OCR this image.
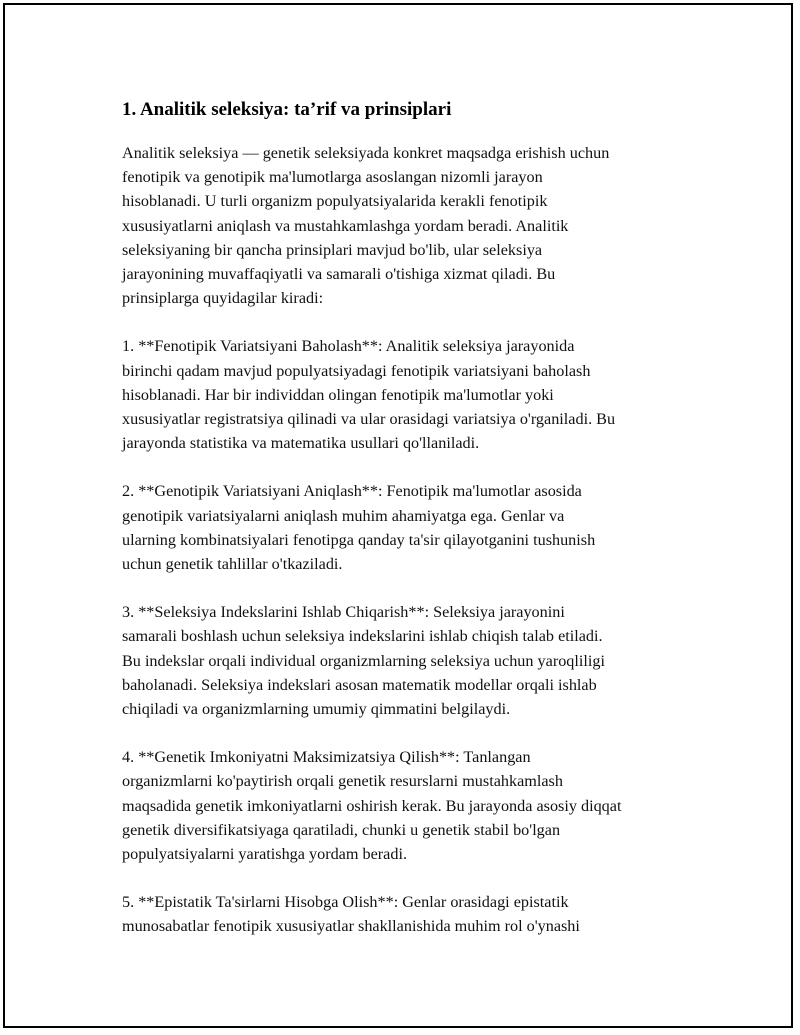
1. Analitik seleksiya: ta’rif va prinsiplari

Analitik seleksiya — genetik seleksiyada konkret maqsadga erishish uchun
fenotipik va genotipik ma'lumotlarga asoslangan nizomli jarayon
hisoblanadi. U turli organizm populyatsiyalarida kerakli fenotipik
xususiyatlarni aniqlash va mustahkamlashga yordam beradi. Analitik
seleksiyaning bir qancha prinsiplari mavjud bo'lib, ular seleksiya
jarayonining muvaffaqiyatli va samarali o'tishiga xizmat qiladi. Bu
prinsiplarga quyidagilar kiradi:

1. **Fenotipik Variatsiyani Baholash**: Analitik seleksiya jarayonida
birinchi qadam mavjud populyatsiyadagi fenotipik variatsiyani baholash
hisoblanadi. Har bir individdan olingan fenotipik ma'lumotlar yoki
xususiyatlar registratsiya qilinadi va ular orasidagi variatsiya o'rganiladi. Bu
jarayonda statistika va matematika usullari qo'llaniladi.

2. **Genotipik Variatsiyani Aniqlash**: Fenotipik ma'lumotlar asosida
genotipik variatsiyalarni aniqlash muhim ahamiyatga ega. Genlar va
ularning kombinatsiyalari fenotipga qanday ta'sir qilayotganini tushunish
uchun genetik tahlillar o'tkaziladi.

3. **Seleksiya Indekslarini Ishlab Chiqarish**: Seleksiya jarayonini
samarali boshlash uchun seleksiya indekslarini ishlab chiqish talab etiladi.
Bu indekslar orqali individual organizmlarning seleksiya uchun yaroqliligi
baholanadi. Seleksiya indekslari asosan matematik modellar orqali ishlab
chiqiladi va organizmlarning umumiy qimmatini belgilaydi.

4. **Genetik Imkoniyatni Maksimizatsiya Qilish**: Tanlangan
organizmlarni ko'paytirish orqali genetik resurslarni mustahkamlash
maqsadida genetik imkoniyatlarni oshirish kerak. Bu jarayonda asosiy diqqat
genetik diversifikatsiyaga qaratiladi, chunki u genetik stabil bo'lgan
populyatsiyalarni yaratishga yordam beradi.

5. **Epistatik Ta'sirlarni Hisobga Olish**: Genlar orasidagi epistatik
munosabatlar fenotipik xususiyatlar shakllanishida muhim rol o'ynashi
